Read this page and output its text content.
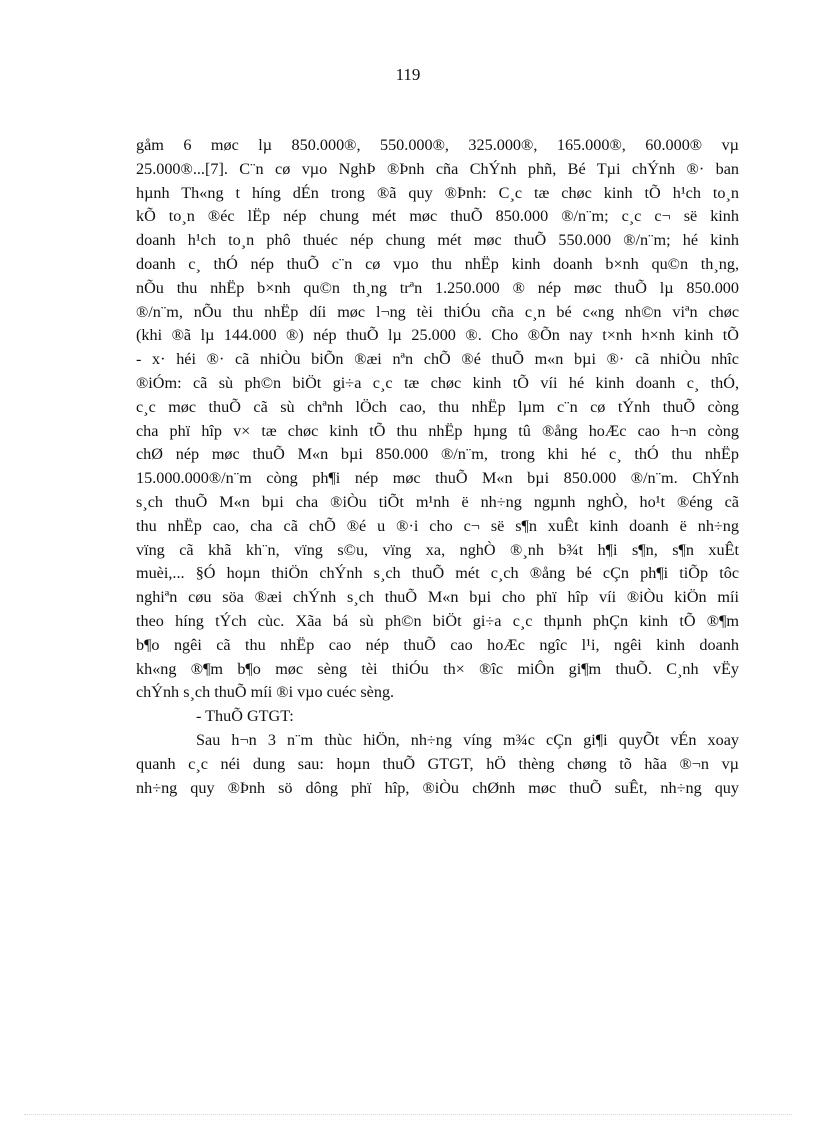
119
gåm 6 møc lµ 850.000®, 550.000®, 325.000®, 165.000®, 60.000® vµ
25.000®...[7]. C¨n cø vµo NghÞ ®Þnh cña ChÝnh phñ, Bé Tµi chÝnh ®· ban
hµnh Th«ng t híng dÉn trong ®ã quy ®Þnh: C¸c tæ chøc kinh tÕ h¹ch to¸n
kÕ to¸n ®éc lËp nép chung mét møc thuÕ 850.000 ®/n¨m; c¸c c¬ së kinh
doanh h¹ch to¸n phô thuéc nép chung mét møc thuÕ 550.000 ®/n¨m; hé kinh
doanh c¸ thÓ nép thuÕ c¨n cø vµo thu nhËp kinh doanh b×nh qu©n th¸ng,
nÕu thu nhËp b×nh qu©n th¸ng trªn 1.250.000 ® nép møc thuÕ lµ 850.000
®/n¨m, nÕu thu nhËp díi møc l¬ng tèi thiÓu cña c¸n bé c«ng nh©n viªn chøc
(khi ®ã lµ 144.000 ®) nép thuÕ lµ 25.000 ®. Cho ®Õn nay t×nh h×nh kinh tÕ
- x· héi ®· cã nhiÒu biÕn ®æi nªn chÕ ®é thuÕ m«n bµi ®· cã nhiÒu nhîc
®iÓm: cã sù ph©n biÖt gi÷a c¸c tæ chøc kinh tÕ víi hé kinh doanh c¸ thÓ,
c¸c møc thuÕ cã sù chªnh lÖch cao, thu nhËp lµm c¨n cø tÝnh thuÕ còng
cha phï hîp v× tæ chøc kinh tÕ thu nhËp hµng tû ®ång hoÆc cao h¬n còng
chØ nép møc thuÕ M«n bµi 850.000 ®/n¨m, trong khi hé c¸ thÓ thu nhËp
15.000.000®/n¨m còng ph¶i nép møc thuÕ M«n bµi 850.000 ®/n¨m. ChÝnh
s¸ch thuÕ M«n bµi cha ®iÒu tiÕt m¹nh ë nh÷ng ngµnh nghÒ, ho¹t ®éng cã
thu nhËp cao, cha cã chÕ ®é u ®·i cho c¬ së s¶n xuÊt kinh doanh ë nh÷ng
vïng cã khã kh¨n, vïng s©u, vïng xa, nghÒ ®¸nh b¾t h¶i s¶n, s¶n xuÊt
muèi,... §Ó hoµn thiÖn chÝnh s¸ch thuÕ mét c¸ch ®ång bé cÇn ph¶i tiÕp tôc
nghiªn cøu söa ®æi chÝnh s¸ch thuÕ M«n bµi cho phï hîp víi ®iÒu kiÖn míi
theo híng tÝch cùc. Xãa bá sù ph©n biÖt gi÷a c¸c thµnh phÇn kinh tÕ ®¶m
b¶o ngêi cã thu nhËp cao nép thuÕ cao hoÆc ngîc l¹i, ngêi kinh doanh
kh«ng ®¶m b¶o møc sèng tèi thiÓu th× ®îc miÔn gi¶m thuÕ. C¸nh vËy
chÝnh s¸ch thuÕ míi ®i vµo cuéc sèng.
- ThuÕ GTGT:
Sau h¬n 3 n¨m thùc hiÖn, nh÷ng víng m¾c cÇn gi¶i quyÕt vÉn xoay
quanh c¸c néi dung sau: hoµn thuÕ GTGT, hÖ thèng chøng tõ hãa ®¬n vµ
nh÷ng quy ®Þnh sö dông phï hîp, ®iÒu chØnh møc thuÕ suÊt, nh÷ng quy
